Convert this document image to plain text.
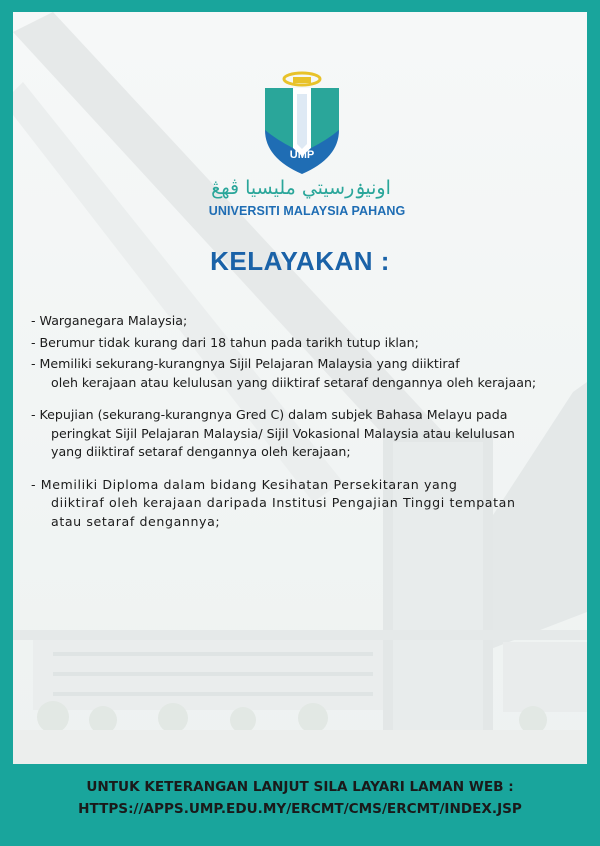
UMP
اونيۏرسيتي مليسيا ڤهڠ
UNIVERSITI MALAYSIA PAHANG
KELAYAKAN :
- Warganegara Malaysia;
- Berumur tidak kurang dari 18 tahun pada tarikh tutup iklan;
- Memiliki sekurang-kurangnya Sijil Pelajaran Malaysia yang diiktiraf
oleh kerajaan atau kelulusan yang diiktiraf setaraf dengannya oleh kerajaan;
- Kepujian (sekurang-kurangnya Gred C) dalam subjek Bahasa Melayu pada
peringkat Sijil Pelajaran Malaysia/ Sijil Vokasional Malaysia atau kelulusan
yang diiktiraf setaraf dengannya oleh kerajaan;
- Memiliki Diploma dalam bidang Kesihatan Persekitaran yang
diiktiraf oleh kerajaan daripada Institusi Pengajian Tinggi tempatan
atau setaraf dengannya;
UNTUK KETERANGAN LANJUT SILA LAYARI LAMAN WEB :
HTTPS://APPS.UMP.EDU.MY/ERCMT/CMS/ERCMT/INDEX.JSP
